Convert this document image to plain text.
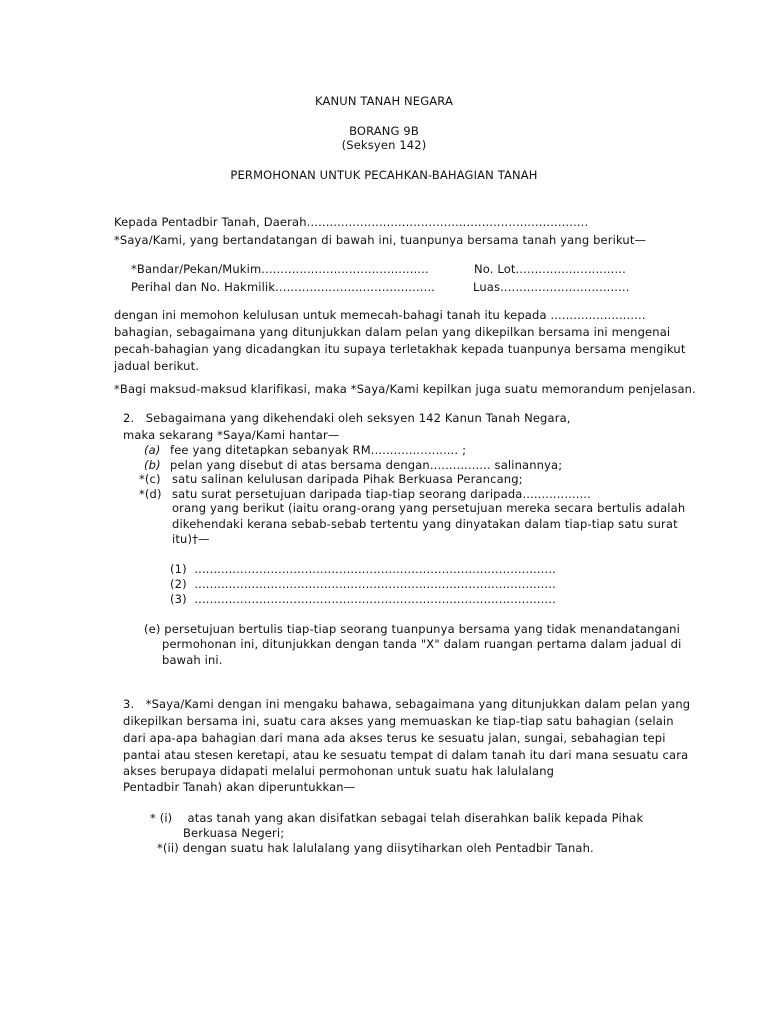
KANUN TANAH NEGARA
BORANG 9B
(Seksyen 142)
PERMOHONAN UNTUK PECAHKAN-BAHAGIAN TANAH
Kepada Pentadbir Tanah, Daerah..........................................................................
*Saya/Kami, yang bertandatangan di bawah ini, tuanpunya bersama tanah yang berikut—
*Bandar/Pekan/Mukim............................................	No. Lot.............................
Perihal dan No. Hakmilik..........................................	Luas..................................
dengan ini memohon kelulusan untuk memecah-bahagi tanah itu kepada .........................
bahagian, sebagaimana yang ditunjukkan dalam pelan yang dikepilkan bersama ini mengenai
pecah-bahagian yang dicadangkan itu supaya terletakhak kepada tuanpunya bersama mengikut
jadual berikut.
*Bagi maksud-maksud klarifikasi, maka *Saya/Kami kepilkan juga suatu memorandum penjelasan.
2.   Sebagaimana yang dikehendaki oleh seksyen 142 Kanun Tanah Negara,
maka sekarang *Saya/Kami hantar—
(a) fee yang ditetapkan sebanyak RM....................... ;
(b) pelan yang disebut di atas bersama dengan................ salinannya;
*(c) satu salinan kelulusan daripada Pihak Berkuasa Perancang;
*(d) satu surat persetujuan daripada tiap-tiap seorang daripada..................
orang yang berikut (iaitu orang-orang yang persetujuan mereka secara bertulis adalah
dikehendaki kerana sebab-sebab tertentu yang dinyatakan dalam tiap-tiap satu surat
itu)†—
(1)  ...............................................................................................
(2)  ...............................................................................................
(3)  ...............................................................................................
(e) persetujuan bertulis tiap-tiap seorang tuanpunya bersama yang tidak menandatangani
permohonan ini, ditunjukkan dengan tanda "X" dalam ruangan pertama dalam jadual di
bawah ini.
3.   *Saya/Kami dengan ini mengaku bahawa, sebagaimana yang ditunjukkan dalam pelan yang
dikepilkan bersama ini, suatu cara akses yang memuaskan ke tiap-tiap satu bahagian (selain
dari apa-apa bahagian dari mana ada akses terus ke sesuatu jalan, sungai, sebahagian tepi
pantai atau stesen keretapi, atau ke sesuatu tempat di dalam tanah itu dari mana sesuatu cara
akses berupaya didapati melalui permohonan untuk suatu hak lalulalang
Pentadbir Tanah) akan diperuntukkan—
* (i)    atas tanah yang akan disifatkan sebagai telah diserahkan balik kepada Pihak
Berkuasa Negeri;
*(ii) dengan suatu hak lalulalang yang diisytiharkan oleh Pentadbir Tanah.
